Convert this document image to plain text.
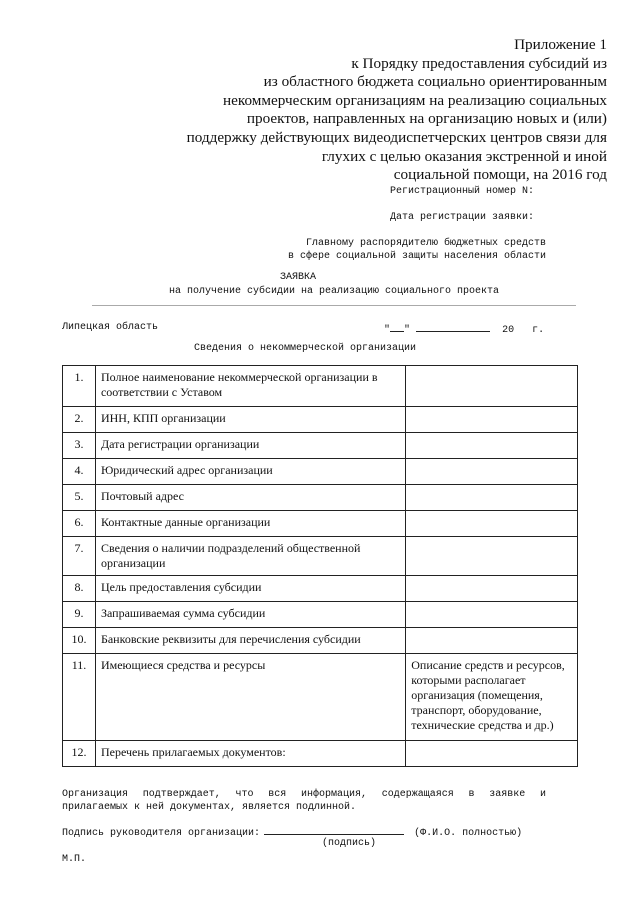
Приложение 1
к Порядку предоставления субсидий из
из областного бюджета социально ориентированным
некоммерческим организациям на реализацию социальных
проектов, направленных на организацию новых и (или)
поддержку действующих видеодиспетчерских центров связи для
глухих с целью оказания экстренной и иной
социальной помощи, на 2016 год
Регистрационный номер N:
Дата регистрации заявки:
Главному распорядителю бюджетных средств
в сфере социальной защиты населения области
ЗАЯВКА
на получение субсидии на реализацию социального проекта
Липецкая область	" "	20 г.
Сведения о некоммерческой организации
1.	Полное наименование некоммерческой организации в соответствии с Уставом	
2.	ИНН, КПП организации	
3.	Дата регистрации организации	
4.	Юридический адрес организации	
5.	Почтовый адрес	
6.	Контактные данные организации	
7.	Сведения о наличии подразделений общественной организации	
8.	Цель предоставления субсидии	
9.	Запрашиваемая сумма субсидии	
10.	Банковские реквизиты для перечисления субсидии	
11.	Имеющиеся средства и ресурсы	Описание средств и ресурсов, которыми располагает организация (помещения, транспорт, оборудование, технические средства и др.)
12.	Перечень прилагаемых документов:	
Организация подтверждает, что вся информация, содержащаяся в заявке и
прилагаемых к ней документах, является подлинной.
Подпись руководителя организации:	(Ф.И.О. полностью)
(подпись)
М.П.
